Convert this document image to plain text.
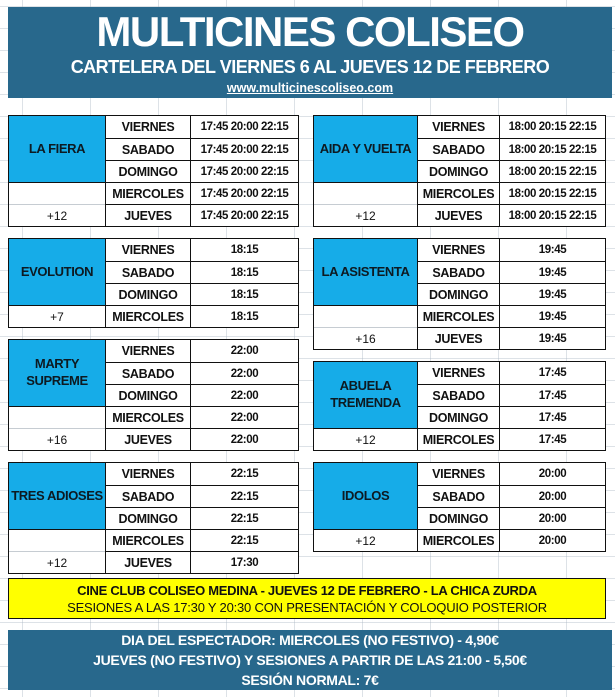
MULTICINES COLISEO
CARTELERA DEL VIERNES 6 AL JUEVES 12 DE FEBRERO
www.multicinescoliseo.com
LA FIERA
VIERNES	17:45 20:00 22:15
SABADO	17:45 20:00 22:15
DOMINGO	17:45 20:00 22:15
MIERCOLES	17:45 20:00 22:15
+12	JUEVES	17:45 20:00 22:15
AIDA Y VUELTA
VIERNES	18:00 20:15 22:15
SABADO	18:00 20:15 22:15
DOMINGO	18:00 20:15 22:15
MIERCOLES	18:00 20:15 22:15
+12	JUEVES	18:00 20:15 22:15
EVOLUTION
VIERNES	18:15
SABADO	18:15
DOMINGO	18:15
+7	MIERCOLES	18:15
LA ASISTENTA
VIERNES	19:45
SABADO	19:45
DOMINGO	19:45
MIERCOLES	19:45
+16	JUEVES	19:45
MARTY SUPREME
VIERNES	22:00
SABADO	22:00
DOMINGO	22:00
MIERCOLES	22:00
+16	JUEVES	22:00
ABUELA TREMENDA
VIERNES	17:45
SABADO	17:45
DOMINGO	17:45
+12	MIERCOLES	17:45
TRES ADIOSES
VIERNES	22:15
SABADO	22:15
DOMINGO	22:15
MIERCOLES	22:15
+12	JUEVES	17:30
IDOLOS
VIERNES	20:00
SABADO	20:00
DOMINGO	20:00
+12	MIERCOLES	20:00
CINE CLUB COLISEO MEDINA - JUEVES 12 DE FEBRERO - LA CHICA ZURDA
SESIONES A LAS 17:30 Y 20:30 CON PRESENTACIÓN Y COLOQUIO POSTERIOR
DIA DEL ESPECTADOR: MIERCOLES (NO FESTIVO) - 4,90€
JUEVES (NO FESTIVO) Y SESIONES A PARTIR DE LAS 21:00 - 5,50€
SESIÓN NORMAL: 7€
